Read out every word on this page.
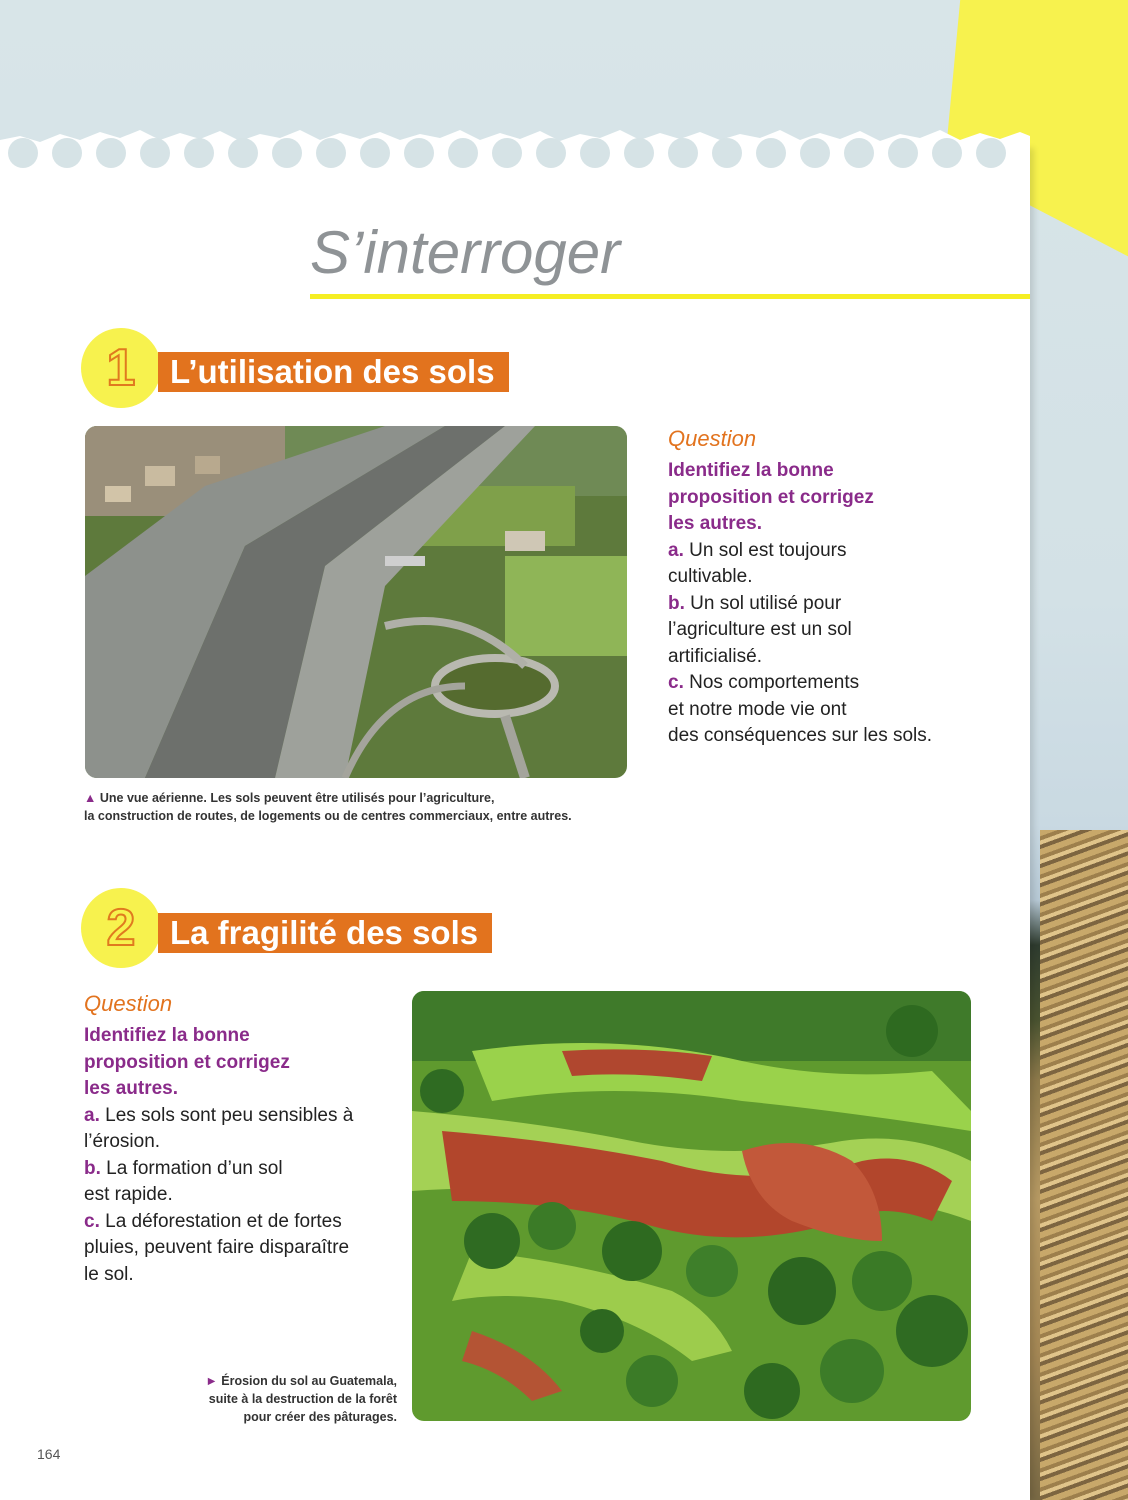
S’interroger
1	L’utilisation des sols
▲ Une vue aérienne. Les sols peuvent être utilisés pour l’agriculture,
la construction de routes, de logements ou de centres commerciaux, entre autres.
Question
Identifiez la bonne
proposition et corrigez
les autres.
a. Un sol est toujours
cultivable.
b. Un sol utilisé pour
l’agriculture est un sol
artificialisé.
c. Nos comportements
et notre mode vie ont
des conséquences sur les sols.
2	La fragilité des sols
Question
Identifiez la bonne
proposition et corrigez
les autres.
a. Les sols sont peu sensibles à
l’érosion.
b. La formation d’un sol
est rapide.
c. La déforestation et de fortes
pluies, peuvent faire disparaître
le sol.
► Érosion du sol au Guatemala,
suite à la destruction de la forêt
pour créer des pâturages.
164
